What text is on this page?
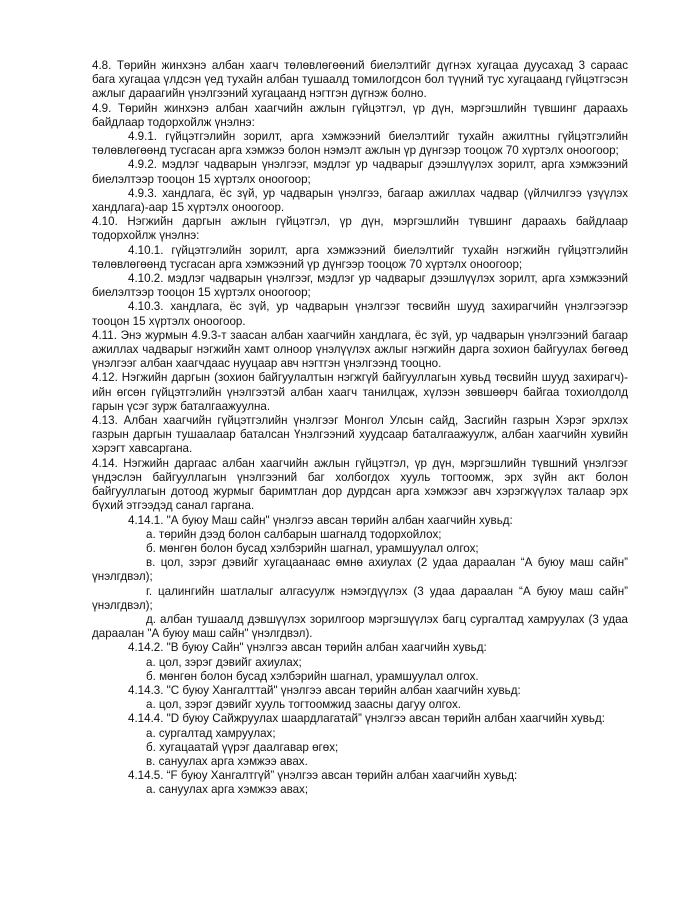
4.8. Төрийн жинхэнэ албан хаагч төлөвлөгөөний биелэлтийг дүгнэх хугацаа дуусахад 3 сараас бага хугацаа үлдсэн үед тухайн албан тушаалд томилогдсон бол түүний тус хугацаанд гүйцэтгэсэн ажлыг дараагийн үнэлгээний хугацаанд нэгтгэн дүгнэж болно.

4.9. Төрийн жинхэнэ албан хаагчийн ажлын гүйцэтгэл, үр дүн, мэргэшлийн түвшинг дараахь байдлаар тодорхойлж үнэлнэ:

4.9.1. гүйцэтгэлийн зорилт, арга хэмжээний биелэлтийг тухайн ажилтны гүйцэтгэлийн төлөвлөгөөнд тусгасан арга хэмжээ болон нэмэлт ажлын үр дүнгээр тооцож 70 хүртэлх оноогоор;

4.9.2. мэдлэг чадварын үнэлгээг, мэдлэг ур чадварыг дээшлүүлэх зорилт, арга хэмжээний биелэлтээр тооцон 15 хүртэлх оноогоор;

4.9.3. хандлага, ёс зүй, ур чадварын үнэлгээ, багаар ажиллах чадвар (үйлчилгээ үзүүлэх хандлага)-аар 15 хүртэлх оноогоор.

4.10. Нэгжийн даргын ажлын гүйцэтгэл, үр дүн, мэргэшлийн түвшинг дараахь байдлаар тодорхойлж үнэлнэ:

4.10.1. гүйцэтгэлийн зорилт, арга хэмжээний биелэлтийг тухайн нэгжийн гүйцэтгэлийн төлөвлөгөөнд тусгасан арга хэмжээний үр дүнгээр тооцож 70 хүртэлх оноогоор;

4.10.2. мэдлэг чадварын үнэлгээг, мэдлэг ур чадварыг дээшлүүлэх зорилт, арга хэмжээний биелэлтээр тооцон 15 хүртэлх оноогоор;

4.10.3. хандлага, ёс зүй, ур чадварын үнэлгээг төсвийн шууд захирагчийн үнэлгээгээр тооцон 15 хүртэлх оноогоор.

4.11. Энэ журмын 4.9.3-т заасан албан хаагчийн хандлага, ёс зүй, ур чадварын үнэлгээний багаар ажиллах чадварыг нэгжийн хамт олноор үнэлүүлэх ажлыг нэгжийн дарга зохион байгуулах бөгөөд үнэлгээг албан хаагчдаас нууцаар авч нэгтгэн үнэлгээнд тооцно.

4.12. Нэгжийн даргын (зохион байгуулалтын нэгжгүй байгууллагын хувьд төсвийн шууд захирагч)-ийн өгсөн гүйцэтгэлийн үнэлгээтэй албан хаагч танилцаж, хүлээн зөвшөөрч байгаа тохиолдолд гарын үсэг зурж баталгаажуулна.

4.13. Албан хаагчийн гүйцэтгэлийн үнэлгээг Монгол Улсын сайд, Засгийн газрын Хэрэг эрхлэх газрын даргын тушаалаар баталсан Үнэлгээний хуудсаар баталгаажуулж, албан хаагчийн хувийн хэрэгт хавсаргана.

4.14. Нэгжийн даргаас албан хаагчийн ажлын гүйцэтгэл, үр дүн, мэргэшлийн түвшний үнэлгээг үндэслэн байгууллагын үнэлгээний баг холбогдох хууль тогтоомж, эрх зүйн акт болон байгууллагын дотоод журмыг баримтлан дор дурдсан арга хэмжээг авч хэрэгжүүлэх талаар эрх бүхий этгээдэд санал гаргана.

4.14.1. "А буюу Маш сайн" үнэлгээ авсан төрийн албан хаагчийн хувьд:

а. төрийн дээд болон салбарын шагналд тодорхойлох;

б. мөнгөн болон бусад хэлбэрийн шагнал, урамшуулал олгох;

в. цол, зэрэг дэвийг хугацаанаас өмнө ахиулах (2 удаа дараалан “А буюу маш сайн” үнэлгдвэл);

г. цалингийн шатлалыг алгасуулж нэмэгдүүлэх (3 удаа дараалан “А буюу маш сайн” үнэлгдвэл);

д. албан тушаалд дэвшүүлэх зорилгоор мэргэшүүлэх багц сургалтад хамруулах (3 удаа дараалан "А буюу маш сайн" үнэлгдвэл).

4.14.2. "В буюу Сайн" үнэлгээ авсан төрийн албан хаагчийн хувьд:

а. цол, зэрэг дэвийг ахиулах;

б. мөнгөн болон бусад хэлбэрийн шагнал, урамшуулал олгох.

4.14.3. "С буюу Хангалттай" үнэлгээ авсан төрийн албан хаагчийн хувьд:

а. цол, зэрэг дэвийг хууль тогтоомжид заасны дагуу олгох.

4.14.4. "D буюу Сайжруулах шаардлагатай” үнэлгээ авсан төрийн албан хаагчийн хувьд:

а. сургалтад хамруулах;

б. хугацаатай үүрэг даалгавар өгөх;

в. сануулах арга хэмжээ авах.

4.14.5. “F буюу Хангалтгүй” үнэлгээ авсан төрийн албан хаагчийн хувьд:

а. сануулах арга хэмжээ авах;
